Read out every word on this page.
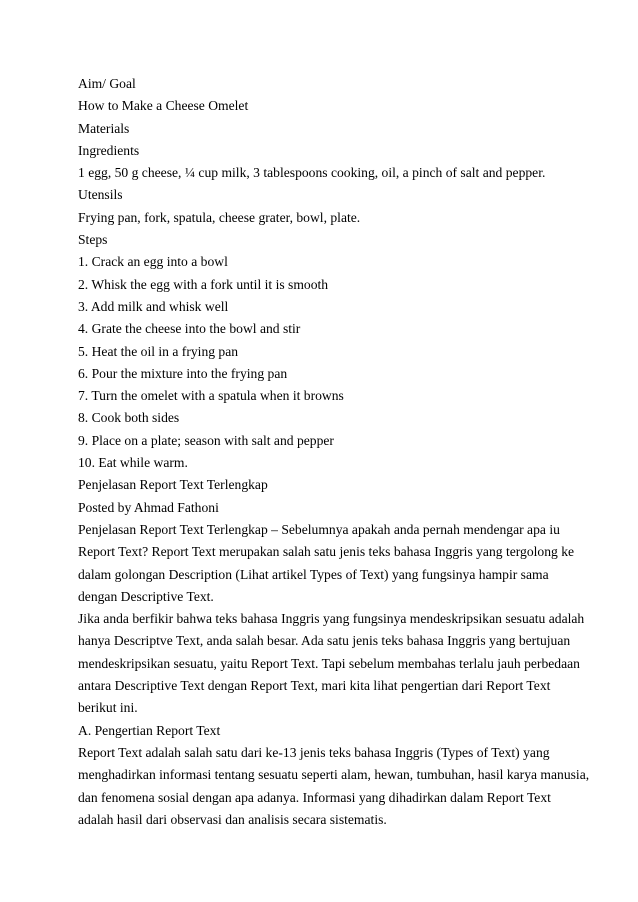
Aim/ Goal
How to Make a Cheese Omelet
Materials
Ingredients
1 egg, 50 g cheese, ¼ cup milk, 3 tablespoons cooking, oil, a pinch of salt and pepper.
Utensils
Frying pan, fork, spatula, cheese grater, bowl, plate.
Steps
1. Crack an egg into a bowl
2. Whisk the egg with a fork until it is smooth
3. Add milk and whisk well
4. Grate the cheese into the bowl and stir
5. Heat the oil in a frying pan
6. Pour the mixture into the frying pan
7. Turn the omelet with a spatula when it browns
8. Cook both sides
9. Place on a plate; season with salt and pepper
10. Eat while warm.
Penjelasan Report Text Terlengkap
Posted by Ahmad Fathoni
Penjelasan Report Text Terlengkap – Sebelumnya apakah anda pernah mendengar apa iu
Report Text? Report Text merupakan salah satu jenis teks bahasa Inggris yang tergolong ke
dalam golongan Description (Lihat artikel Types of Text) yang fungsinya hampir sama
dengan Descriptive Text.
Jika anda berfikir bahwa teks bahasa Inggris yang fungsinya mendeskripsikan sesuatu adalah
hanya Descriptve Text, anda salah besar. Ada satu jenis teks bahasa Inggris yang bertujuan
mendeskripsikan sesuatu, yaitu Report Text. Tapi sebelum membahas terlalu jauh perbedaan
antara Descriptive Text dengan Report Text, mari kita lihat pengertian dari Report Text
berikut ini.
A. Pengertian Report Text
Report Text adalah salah satu dari ke-13 jenis teks bahasa Inggris (Types of Text) yang
menghadirkan informasi tentang sesuatu seperti alam, hewan, tumbuhan, hasil karya manusia,
dan fenomena sosial dengan apa adanya. Informasi yang dihadirkan dalam Report Text
adalah hasil dari observasi dan analisis secara sistematis.
